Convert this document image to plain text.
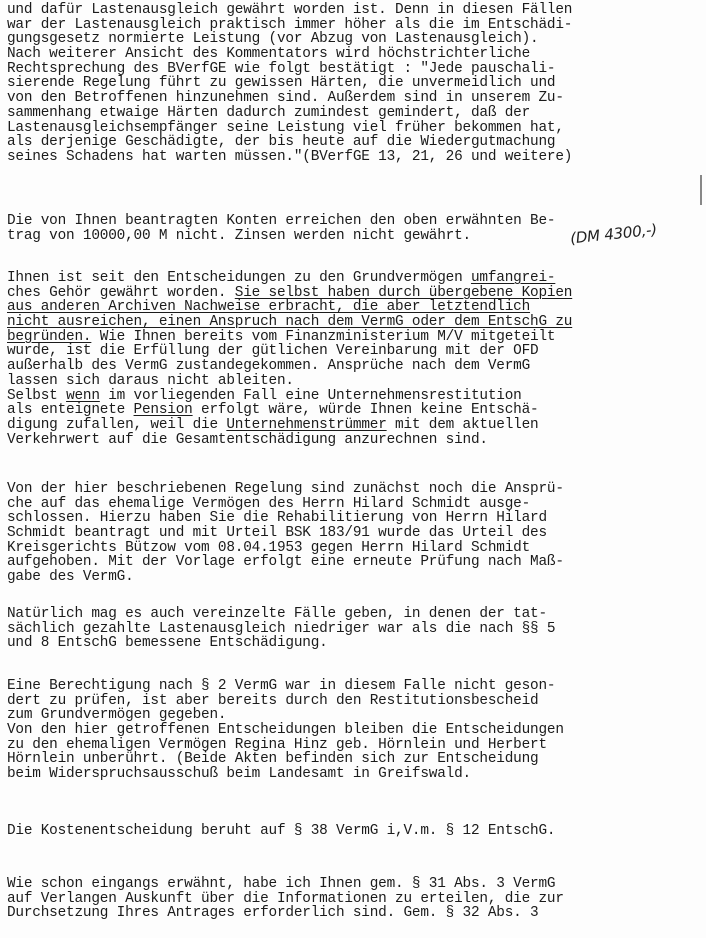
und dafür Lastenausgleich gewährt worden ist. Denn in diesen Fällen
war der Lastenausgleich praktisch immer höher als die im Entschädi-
gungsgesetz normierte Leistung (vor Abzug von Lastenausgleich).
Nach weiterer Ansicht des Kommentators wird höchstrichterliche
Rechtsprechung des BVerfGE wie folgt bestätigt : "Jede pauschali-
sierende Regelung führt zu gewissen Härten, die unvermeidlich und
von den Betroffenen hinzunehmen sind. Außerdem sind in unserem Zu-
sammenhang etwaige Härten dadurch zumindest gemindert, daß der
Lastenausgleichsempfänger seine Leistung viel früher bekommen hat,
als derjenige Geschädigte, der bis heute auf die Wiedergutmachung
seines Schadens hat warten müssen."(BVerfGE 13, 21, 26 und weitere)
Die von Ihnen beantragten Konten erreichen den oben erwähnten Be-
trag von 10000,00 M nicht. Zinsen werden nicht gewährt.
Ihnen ist seit den Entscheidungen zu den Grundvermögen umfangrei-
ches Gehör gewährt worden. Sie selbst haben durch übergebene Kopien
aus anderen Archiven Nachweise erbracht, die aber letztendlich
nicht ausreichen, einen Anspruch nach dem VermG oder dem EntschG zu
begründen. Wie Ihnen bereits vom Finanzministerium M/V mitgeteilt
wurde, ist die Erfüllung der gütlichen Vereinbarung mit der OFD
außerhalb des VermG zustandegekommen. Ansprüche nach dem VermG
lassen sich daraus nicht ableiten.
Selbst wenn im vorliegenden Fall eine Unternehmensrestitution
als enteignete Pension erfolgt wäre, würde Ihnen keine Entschä-
digung zufallen, weil die Unternehmenstrümmer mit dem aktuellen
Verkehrwert auf die Gesamtentschädigung anzurechnen sind.
Von der hier beschriebenen Regelung sind zunächst noch die Ansprü-
che auf das ehemalige Vermögen des Herrn Hilard Schmidt ausge-
schlossen. Hierzu haben Sie die Rehabilitierung von Herrn Hilard
Schmidt beantragt und mit Urteil BSK 183/91 wurde das Urteil des
Kreisgerichts Bützow vom 08.04.1953 gegen Herrn Hilard Schmidt
aufgehoben. Mit der Vorlage erfolgt eine erneute Prüfung nach Maß-
gabe des VermG.
Natürlich mag es auch vereinzelte Fälle geben, in denen der tat-
sächlich gezahlte Lastenausgleich niedriger war als die nach §§ 5
und 8 EntschG bemessene Entschädigung.
Eine Berechtigung nach § 2 VermG war in diesem Falle nicht geson-
dert zu prüfen, ist aber bereits durch den Restitutionsbescheid
zum Grundvermögen gegeben.
Von den hier getroffenen Entscheidungen bleiben die Entscheidungen
zu den ehemaligen Vermögen Regina Hinz geb. Hörnlein und Herbert
Hörnlein unberührt. (Beide Akten befinden sich zur Entscheidung
beim Widerspruchsausschuß beim Landesamt in Greifswald.
Die Kostenentscheidung beruht auf § 38 VermG i,V.m. § 12 EntschG.
Wie schon eingangs erwähnt, habe ich Ihnen gem. § 31 Abs. 3 VermG
auf Verlangen Auskunft über die Informationen zu erteilen, die zur
Durchsetzung Ihres Antrages erforderlich sind. Gem. § 32 Abs. 3
(DM 4300,-)
